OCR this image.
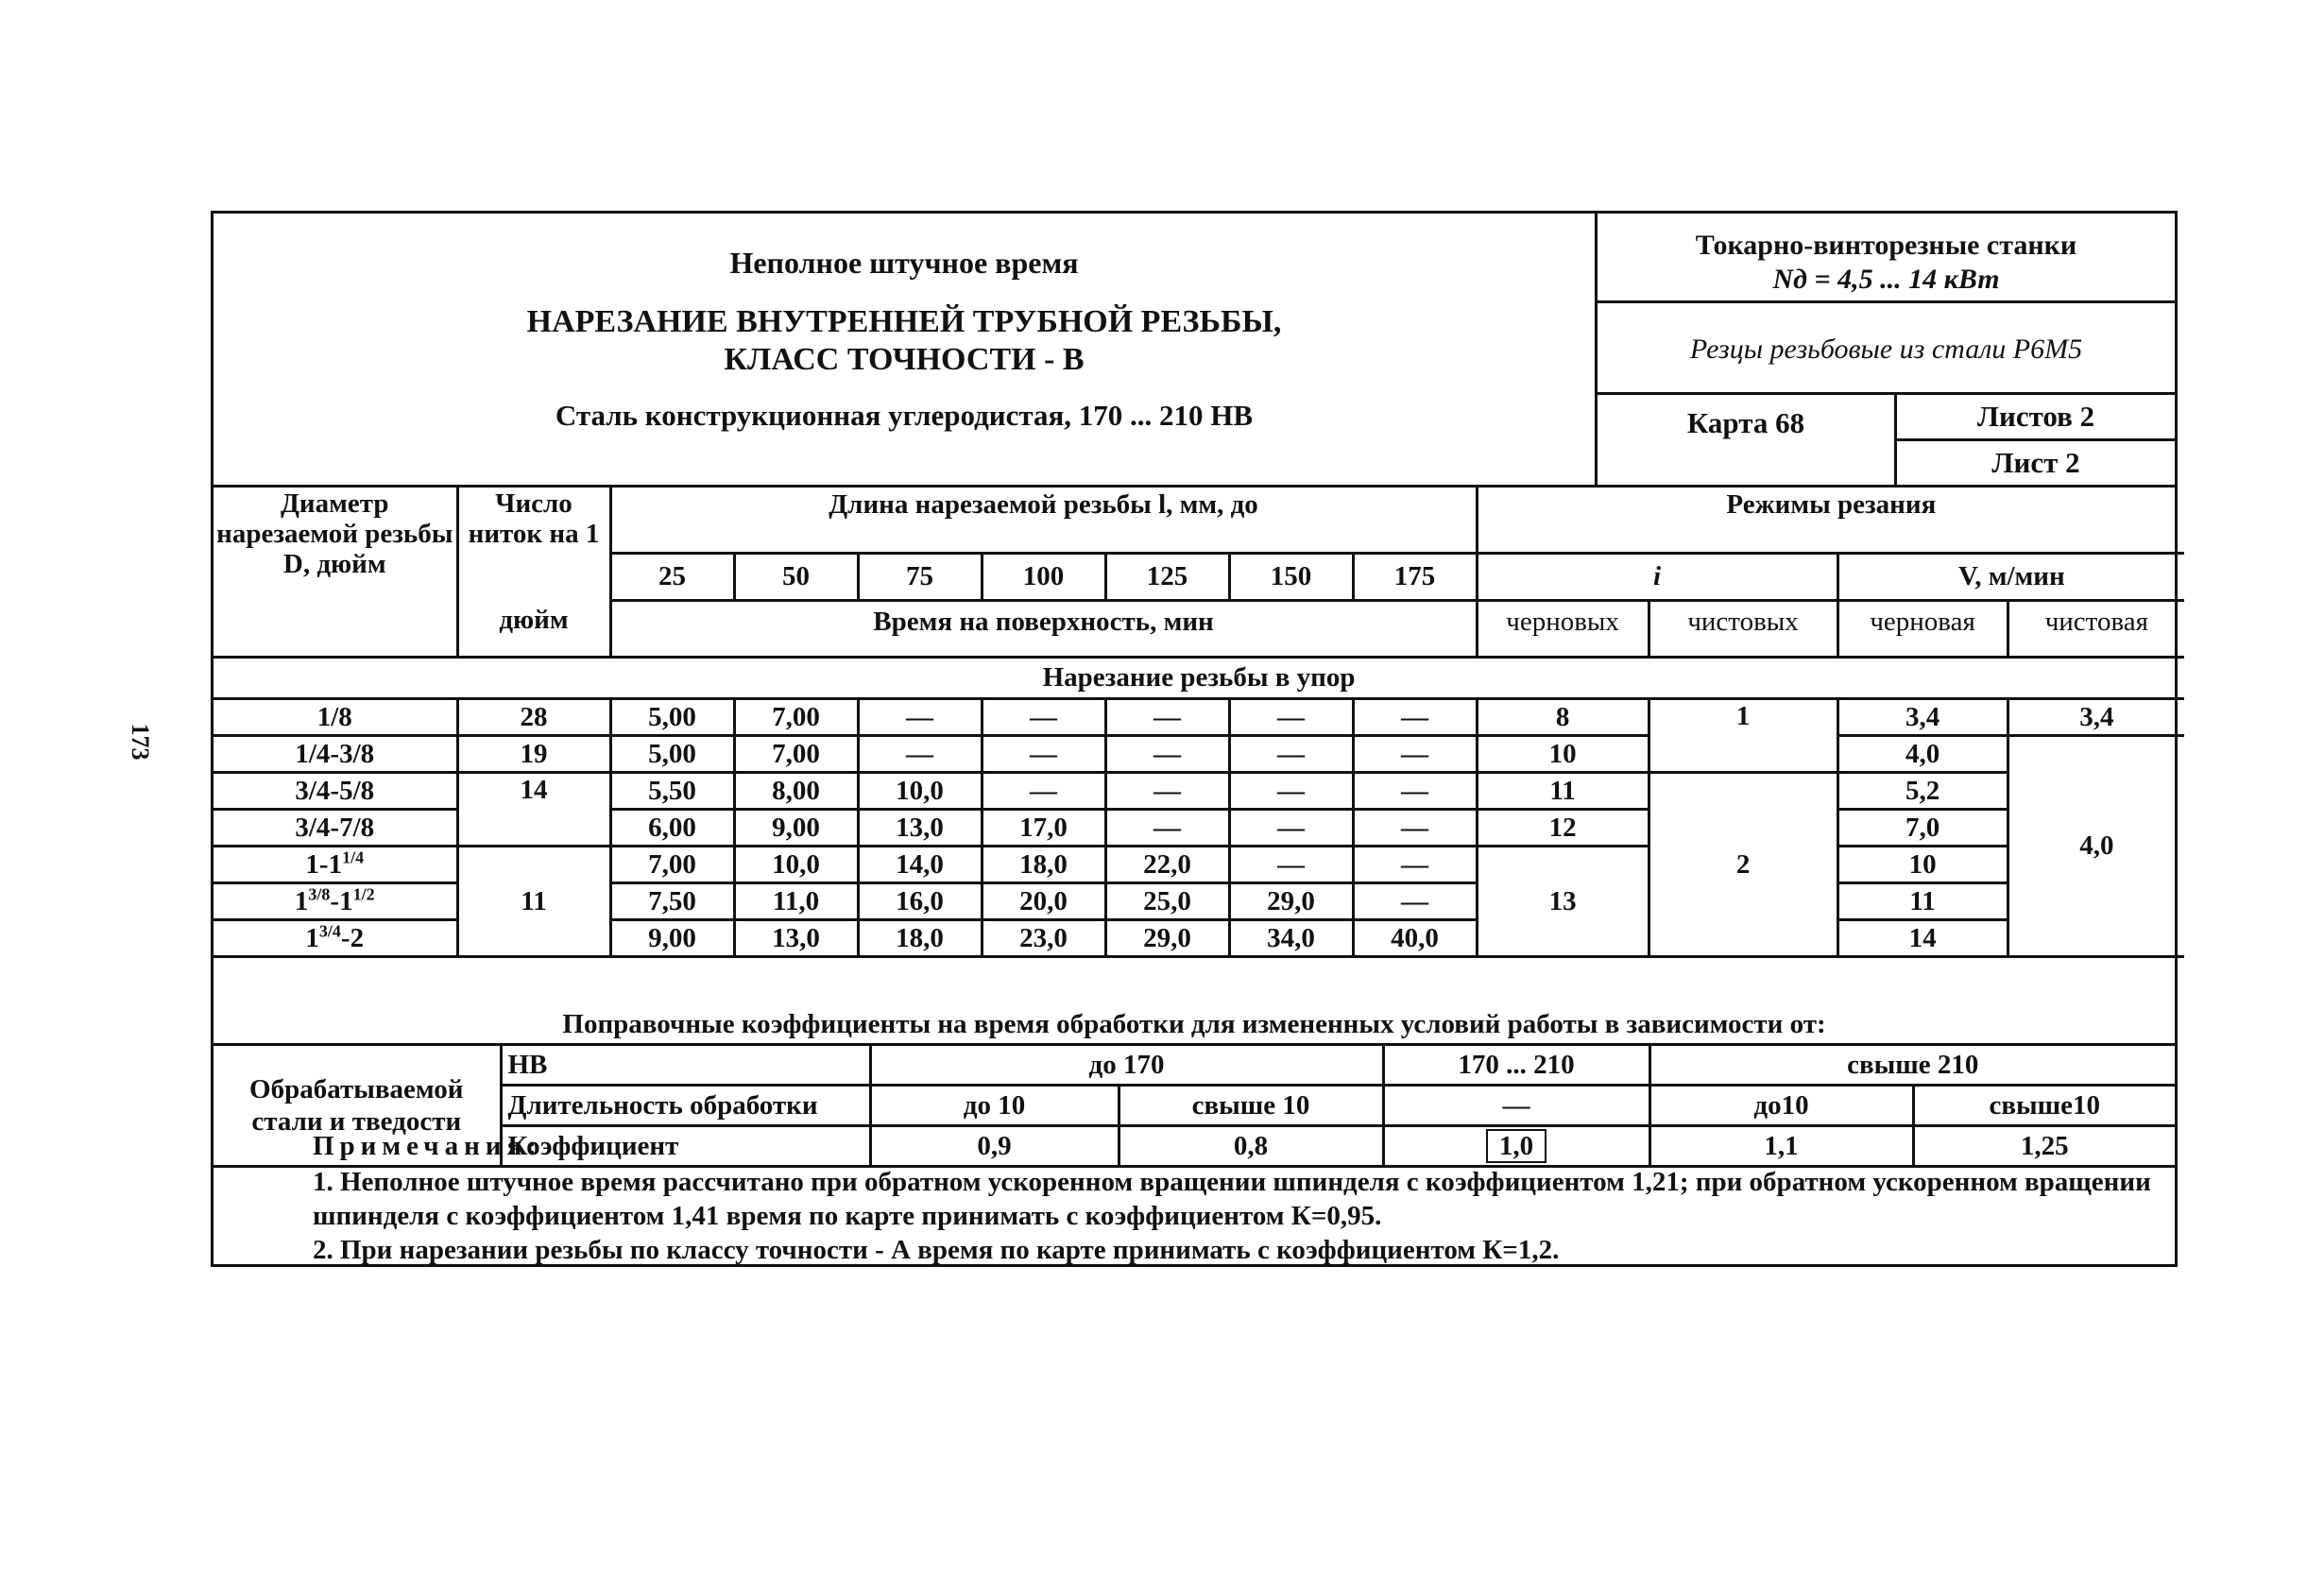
173
Неполное штучное время
НАРЕЗАНИЕ ВНУТРЕННЕЙ ТРУБНОЙ РЕЗЬБЫ,
КЛАСС ТОЧНОСТИ - В
Сталь конструкционная углеродистая, 170 ... 210 НВ
Токарно-винторезные станки
Nд = 4,5 ... 14 кВт
Резцы резьбовые из стали Р6М5
Карта 68	Листов 2
Лист 2
Диаметр нарезаемой резьбы D, дюйм	Число ниток на 1	Длина нарезаемой резьбы l, мм, до							Режимы резания			
		25	50	75	100	125	150	175	i		V, м/мин	
	дюйм	Время на поверхность, мин							черновых	чистовых	черновая	чистовая
Нарезание резьбы в упор												
1/8	28	5,00	7,00	—	—	—	—	—	8	1	3,4	3,4
1/4-3/8	19	5,00	7,00	—	—	—	—	—	10		4,0	4,0
3/4-5/8	14	5,50	8,00	10,0	—	—	—	—	11	2	5,2	
3/4-7/8		6,00	9,00	13,0	17,0	—	—	—	12		7,0	
$1-1^{1/4}$	11	7,00	10,0	14,0	18,0	22,0	—	—	13		10	
$1^{3/8}-1^{1/2}$		7,50	11,0	16,0	20,0	25,0	29,0	—			11	
$1^{3/4}-2$		9,00	13,0	18,0	23,0	29,0	34,0	40,0			14	
Поправочные коэффициенты на время обработки для измененных условий работы в зависимости от:						
Обрабатываемой стали и тведости	НВ	до 170		170 ... 210	свыше 210	
	Длительность обработки	до 10	свыше 10	—	до10	свыше10
	Коэффициент	0,9	0,8	1,0	1,1	1,25
Примечания:
1. Неполное штучное время рассчитано при обратном ускоренном вращении шпинделя с коэффициентом 1,21; при обратном ускоренном вращении шпинделя с коэффициентом 1,41 время по карте принимать с коэффициентом К=0,95.
2. При нарезании резьбы по классу точности - А время по карте принимать с коэффициентом К=1,2.
